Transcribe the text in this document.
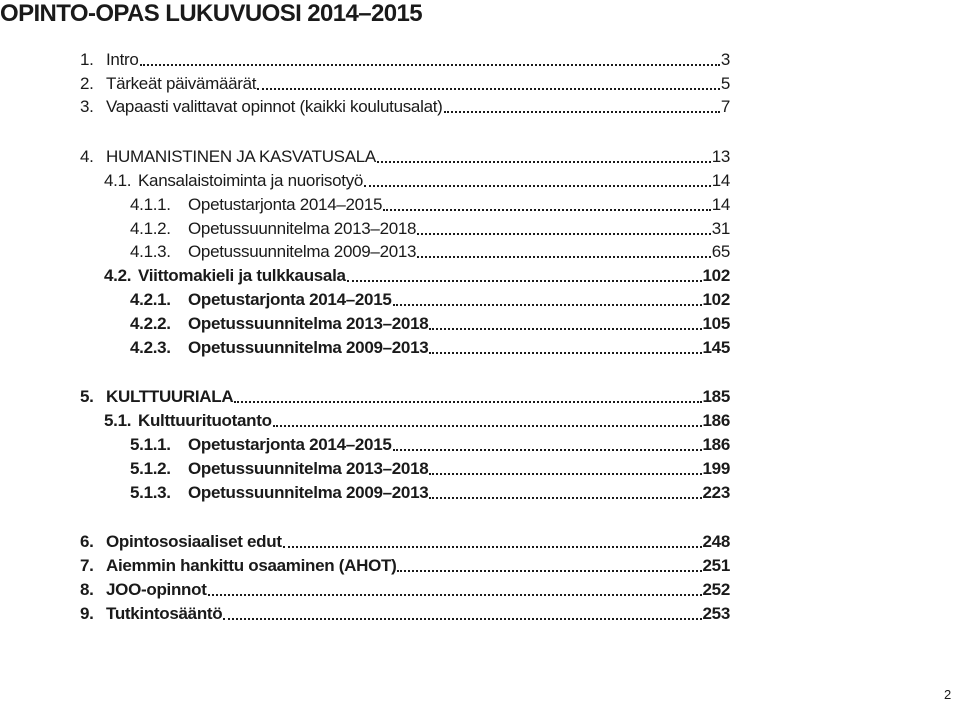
OPINTO-OPAS LUKUVUOSI 2014–2015
1. Intro	3
2. Tärkeät päivämäärät	5
3. Vapaasti valittavat opinnot (kaikki koulutusalat)	7
4. HUMANISTINEN JA KASVATUSALA	13
4.1. Kansalaistoiminta ja nuorisotyö	14
4.1.1.	Opetustarjonta 2014–2015	14
4.1.2.	Opetussuunnitelma 2013–2018	31
4.1.3.	Opetussuunnitelma 2009–2013	65
4.2. Viittomakieli ja tulkkausala	102
4.2.1.	Opetustarjonta 2014–2015	102
4.2.2.	Opetussuunnitelma 2013–2018	105
4.2.3.	Opetussuunnitelma 2009–2013	145
5. KULTTUURIALA	185
5.1. Kulttuurituotanto	186
5.1.1.	Opetustarjonta 2014–2015	186
5.1.2.	Opetussuunnitelma 2013–2018	199
5.1.3.	Opetussuunnitelma 2009–2013	223
6. Opintososiaaliset edut	248
7. Aiemmin hankittu osaaminen (AHOT)	251
8. JOO-opinnot	252
9. Tutkintosääntö	253
2
